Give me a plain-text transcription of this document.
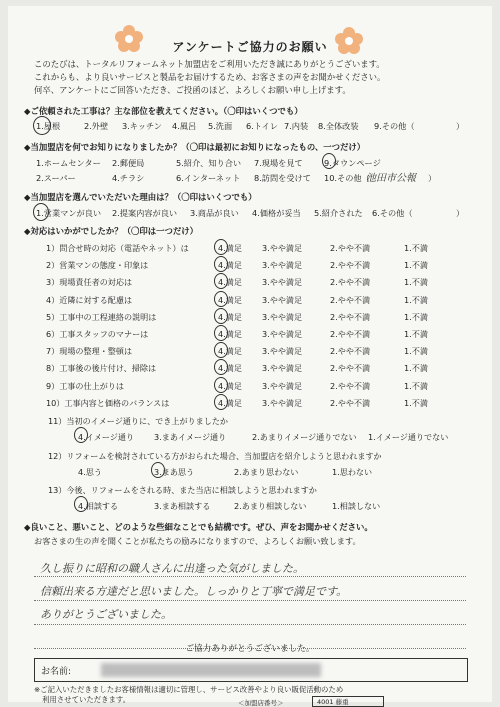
アンケートご協力のお願い
このたびは、トータルリフォームネット加盟店をご利用いただき誠にありがとうございます。
これからも、より良いサービスと製品をお届けするため、お客さまの声をお聞かせください。
何卒、アンケートにご回答いただき、ご投函のほど、よろしくお願い申し上げます。
◆ご依頼された工事は？主な部位を教えてください。（〇印はいくつでも）
1.屋根	2.外壁 3.キッチン 4.風呂 5.洗面 6.トイレ 7.内装 8.全体改装 9.その他（	）
◆当加盟店を何でお知りになりましたか？（〇印は最初にお知りになったもの、一つだけ）
1.ホームセンター 2.郵便局	5.紹介、知り合い 7.現場を見て	9.タウンページ
2.スーパー	4.チラシ	6.インターネット 8.訪問を受けて 10.その他（
池田市公報 ）
◆当加盟店を選んでいただいた理由は？（〇印はいくつでも）
1.営業マンが良い 2.提案内容が良い 3.商品が良い 4.価格が妥当 5.紹介された 6.その他（	）
◆対応はいかがでしたか？（〇印は一つだけ）
11）当初のイメージ通りに、でき上がりましたか
4.イメージ通り 3.まあイメージ通り	2.あまりイメージ通りでない 1.イメージ通りでない
12）リフォームを検討されている方がおられた場合、当加盟店を紹介しようと思われますか
4.思う	3.まあ思う	2.あまり思わない	1.思わない
13）今後、リフォームをされる時、また当店に相談しようと思われますか
4.相談する	3.まあ相談する	2.あまり相談しない	1.相談しない
◆良いこと、悪いこと、どのような些細なことでも結構です。ぜひ、声をお聞かせください。
お客さまの生の声を聞くことが私たちの励みになりますので、よろしくお願い致します。
久し振りに昭和の職人さんに出逢った気がしました。
信頼出来る方達だと思いました。しっかりと丁寧で満足です。
ありがとうございました。
ご協力ありがとうございました。
お名前:
※ご記入いただきましたお客様情報は適切に管理し、サービス改善やより良い販促活動のため
利用させていただきます。
1）問合せ時の対応（電話やネット）は	4.満足 3.やや満足	2.やや不満	1.不満
2）営業マンの態度・印象は	4.満足 3.やや満足	2.やや不満	1.不満
3）現場責任者の対応は	4.満足 3.やや満足	2.やや不満	1.不満
4）近隣に対する配慮は	4.満足 3.やや満足	2.やや不満	1.不満
5）工事中の工程連絡の説明は	4.満足 3.やや満足	2.やや不満	1.不満
6）工事スタッフのマナーは	4.満足 3.やや満足	2.やや不満	1.不満
7）現場の整理・整頓は	4.満足 3.やや満足	2.やや不満	1.不満
8）工事後の後片付け、掃除は	4.満足 3.やや満足	2.やや不満	1.不満
9）工事の仕上がりは	4.満足 3.やや満足	2.やや不満	1.不満
10）工事内容と価格のバランスは	4.満足 3.やや満足	2.やや不満	1.不満
＜加盟店番号＞	4001 藤重
